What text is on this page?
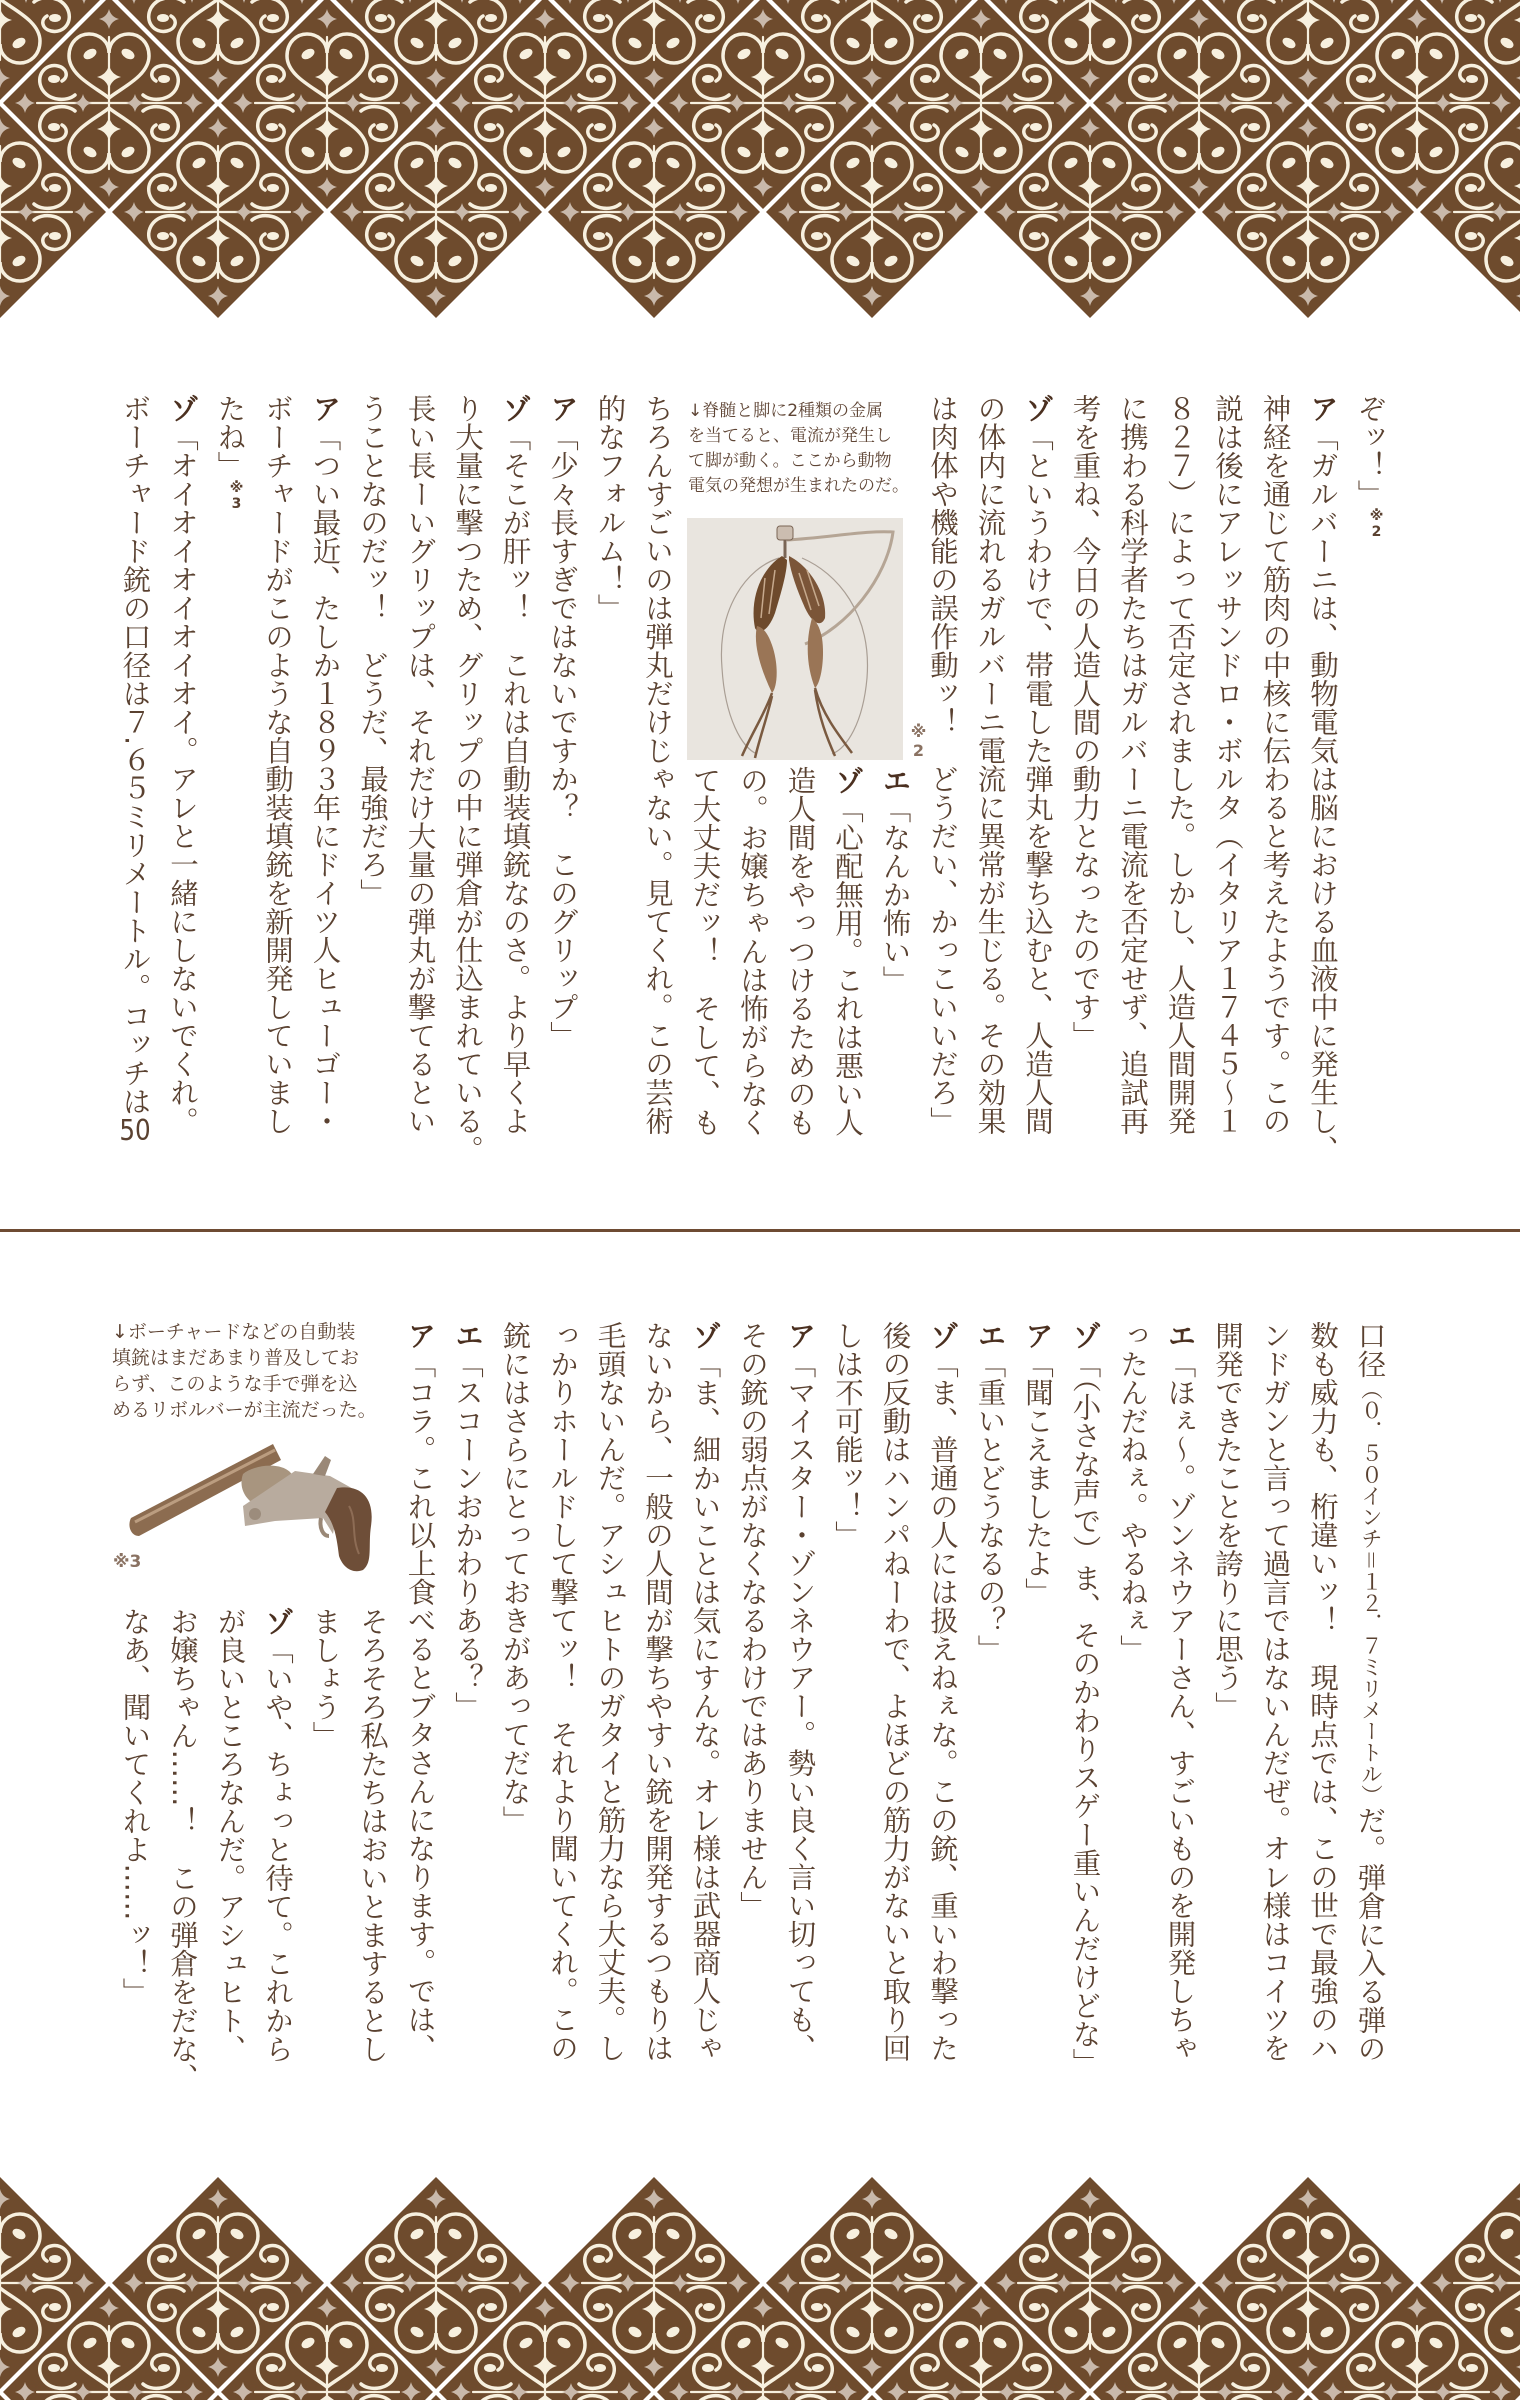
ぞッ！」※2
ア「ガルバーニは、動物電気は脳における血液中に発生し、
神経を通じて筋肉の中核に伝わると考えたようです。この
説は後にアレッサンドロ・ボルタ（イタリア１７４５～１
８２７）によって否定されました。しかし、人造人間開発
に携わる科学者たちはガルバーニ電流を否定せず、追試再
考を重ね、今日の人造人間の動力となったのです」
ゾ「というわけで、帯電した弾丸を撃ち込むと、人造人間
の体内に流れるガルバーニ電流に異常が生じる。その効果
は肉体や機能の誤作動ッ！　どうだい、かっこいいだろ」
エ「なんか怖い」
ゾ「心配無用。これは悪い人
造人間をやっつけるためのも
の。お嬢ちゃんは怖がらなく
て大丈夫だッ！　そして、も
ちろんすごいのは弾丸だけじゃない。見てくれ。この芸術
的なフォルム！」
ア「少々長すぎではないですか？　このグリップ」
ゾ「そこが肝ッ！　これは自動装填銃なのさ。より早くよ
り大量に撃つため、グリップの中に弾倉が仕込まれている。
長い長ーいグリップは、それだけ大量の弾丸が撃てるとい
うことなのだッ！　どうだ、最強だろ」
ア「つい最近、たしか１８９３年にドイツ人ヒューゴー・
ボーチャードがこのような自動装填銃を新開発していまし
たね」※3
ゾ「オイオイオイオイオイ。アレと一緒にしないでくれ。
ボーチャード銃の口径は７.６５ミリメートル。コッチは50
↓脊髄と脚に2種類の金属
を当てると、電流が発生し
て脚が動く。ここから動物
電気の発想が生まれたのだ。
※2
口径（０．５０インチ＝１２．７ミリメートル）だ。弾倉に入る弾の
数も威力も、桁違いッ！　現時点では、この世で最強のハ
ンドガンと言って過言ではないんだぜ。オレ様はコイツを
開発できたことを誇りに思う」
エ「ほぇ〜。ゾンネウアーさん、すごいものを開発しちゃ
ったんだねぇ。やるねぇ」
ゾ「（小さな声で）ま、そのかわりスゲー重いんだけどな」
ア「聞こえましたよ」
エ「重いとどうなるの？」
ゾ「ま、普通の人には扱えねぇな。この銃、重いわ撃った
後の反動はハンパねーわで、よほどの筋力がないと取り回
しは不可能ッ！」
ア「マイスター・ゾンネウアー。勢い良く言い切っても、
その銃の弱点がなくなるわけではありません」
ゾ「ま、細かいことは気にすんな。オレ様は武器商人じゃ
ないから、一般の人間が撃ちやすい銃を開発するつもりは
毛頭ないんだ。アシュヒトのガタイと筋力なら大丈夫。し
っかりホールドして撃てッ！　それより聞いてくれ。この
銃にはさらにとっておきがあってだな」
エ「スコーンおかわりある？」
ア「コラ。これ以上食べるとブタさんになります。では、
そろそろ私たちはおいとまするとし
ましょう」
ゾ「いや、ちょっと待て。これから
が良いところなんだ。アシュヒト、
お嬢ちゃん……！　この弾倉をだな、
なあ、聞いてくれよ……ッ！」
↓ボーチャードなどの自動装
填銃はまだあまり普及してお
らず、このような手で弾を込
めるリボルバーが主流だった。
※3
